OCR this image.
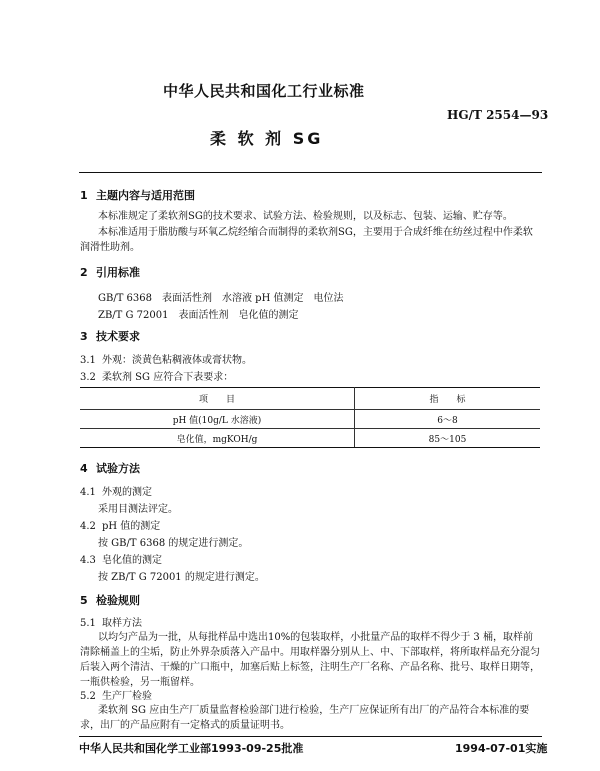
中华人民共和国化工行业标准
HG/T 2554—93
柔 软 剂 SG
1 主题内容与适用范围
本标准规定了柔软剂SG的技术要求、试验方法、检验规则，以及标志、包装、运输、贮存等。
本标准适用于脂肪酸与环氧乙烷经缩合而制得的柔软剂SG，主要用于合成纤维在纺丝过程中作柔软润滑性助剂。
2 引用标准
GB/T 6368　表面活性剂　水溶液 pH 值测定　电位法
ZB/T G 72001　表面活性剂　皂化值的测定
3 技术要求
3.1 外观：淡黄色粘稠液体或膏状物。
3.2 柔软剂 SG 应符合下表要求：
项　　目	指　　标
pH 值(10g/L 水溶液)	6～8
皂化值，mgKOH/g	85～105
4 试验方法
4.1 外观的测定
采用目测法评定。
4.2 pH 值的测定
按 GB/T 6368 的规定进行测定。
4.3 皂化值的测定
按 ZB/T G 72001 的规定进行测定。
5 检验规则
5.1 取样方法
以均匀产品为一批，从每批样品中选出10%的包装取样，小批量产品的取样不得少于 3 桶，取样前清除桶盖上的尘垢，防止外界杂质落入产品中。用取样器分别从上、中、下部取样，将所取样品充分混匀后装入两个清洁、干燥的广口瓶中，加塞后贴上标签，注明生产厂名称、产品名称、批号、取样日期等，一瓶供检验，另一瓶留样。
5.2 生产厂检验
柔软剂 SG 应由生产厂质量监督检验部门进行检验，生产厂应保证所有出厂的产品符合本标准的要求，出厂的产品应附有一定格式的质量证明书。
中华人民共和国化学工业部1993-09-25批准	1994-07-01实施
